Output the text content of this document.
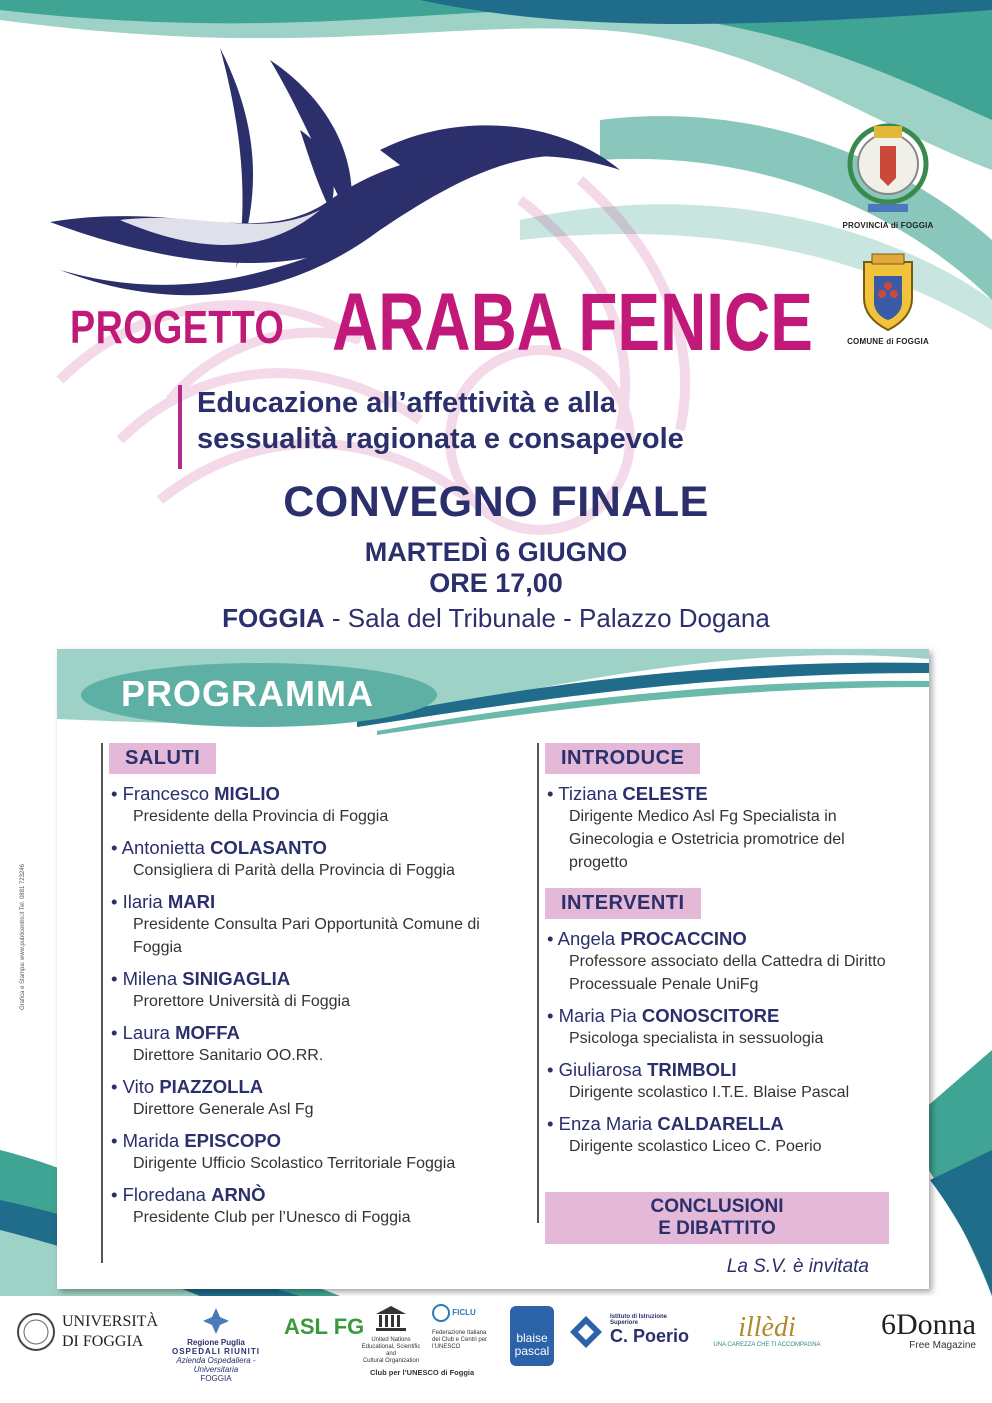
PROVINCIA di FOGGIA
COMUNE di FOGGIA
PROGETTO ARABA FENICE
Educazione all’affettività e alla
sessualità ragionata e consapevole
CONVEGNO FINALE
MARTEDÌ 6 GIUGNO
ORE 17,00
FOGGIA - Sala del Tribunale - Palazzo Dogana
PROGRAMMA
SALUTI
• Francesco MIGLIO
Presidente della Provincia di Foggia
• Antonietta COLASANTO
Consigliera di Parità della Provincia di Foggia
• Ilaria MARI
Presidente Consulta Pari Opportunità Comune di Foggia
• Milena SINIGAGLIA
Prorettore Università di Foggia
• Laura MOFFA
Direttore Sanitario OO.RR.
• Vito PIAZZOLLA
Direttore Generale Asl Fg
• Marida EPISCOPO
Dirigente Ufficio Scolastico Territoriale Foggia
• Floredana ARNÒ
Presidente Club per l’Unesco di Foggia
INTRODUCE
• Tiziana CELESTE
Dirigente Medico Asl Fg Specialista in Ginecologia e Ostetricia promotrice del progetto
INTERVENTI
• Angela PROCACCINO
Professore associato della Cattedra di Diritto Processuale Penale UniFg
• Maria Pia CONOSCITORE
Psicologa specialista in sessuologia
• Giuliarosa TRIMBOLI
Dirigente scolastico I.T.E. Blaise Pascal
• Enza Maria CALDARELLA
Dirigente scolastico Liceo C. Poerio
CONCLUSIONI
E DIBATTITO
La S.V. è invitata
Grafica e Stampa: www.publicentro.it Tel. 0881 723246
UNIVERSITÀ
DI FOGGIA	Regione Puglia
OSPEDALI RIUNITI
Azienda Ospedaliera - Universitaria
FOGGIA
ASL FG
FICLU
United Nations
Educational, Scientific and
Cultural Organization
Federazione Italiana dei Club e Centri per l’UNESCO
Club per l’UNESCO di Foggia
blaise
pascal
Istituto di Istruzione Superiore
C. Poerio	illèdi
UNA CAREZZA CHE TI ACCOMPAGNA
6Donna
Free Magazine
